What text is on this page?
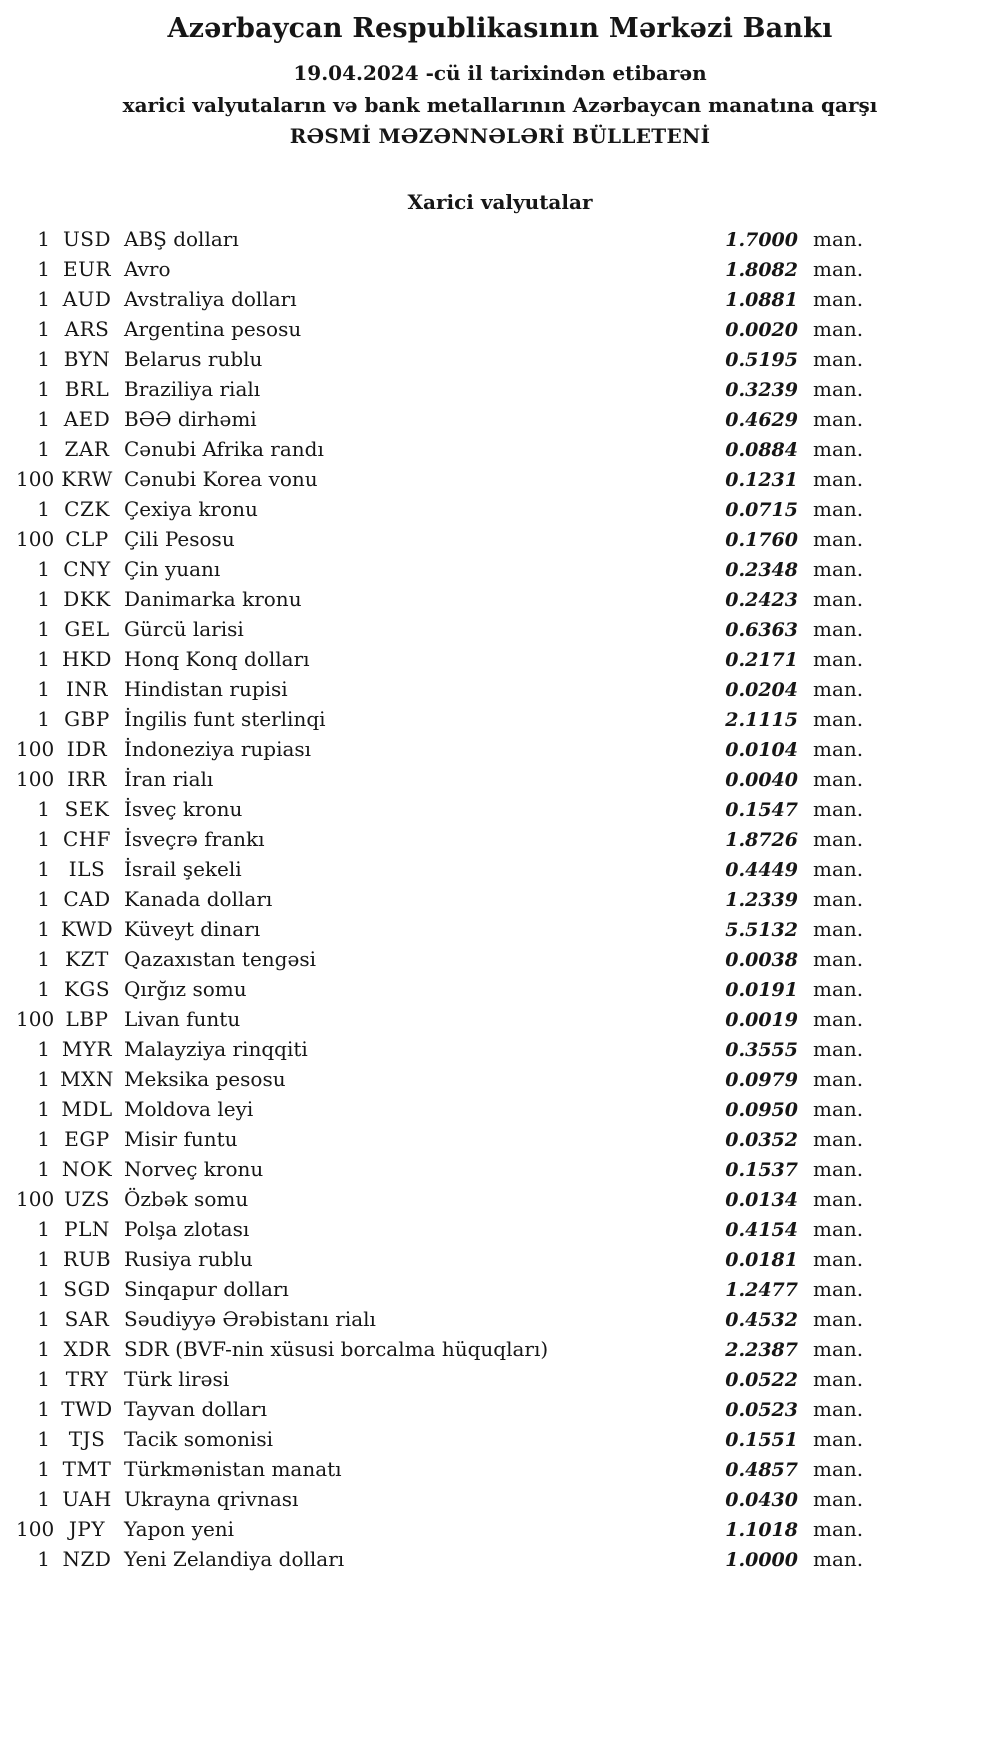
Azərbaycan Respublikasının Mərkəzi Bankı
19.04.2024 -cü il tarixindən etibarən
xarici valyutaların və bank metallarının Azərbaycan manatına qarşı
RƏSMİ MƏZƏNNƏLƏRİ BÜLLETENİ
Xarici valyutalar
1 USD ABŞ dolları	1.7000 man.
1 EUR Avro	1.8082 man.
1 AUD Avstraliya dolları	1.0881 man.
1 ARS Argentina pesosu	0.0020 man.
1 BYN Belarus rublu	0.5195 man.
1 BRL Braziliya rialı	0.3239 man.
1 AED BƏƏ dirhəmi	0.4629 man.
1 ZAR Cənubi Afrika randı	0.0884 man.
100 KRW Cənubi Korea vonu	0.1231 man.
1 CZK Çexiya kronu	0.0715 man.
100 CLP Çili Pesosu	0.1760 man.
1 CNY Çin yuanı	0.2348 man.
1 DKK Danimarka kronu	0.2423 man.
1 GEL Gürcü larisi	0.6363 man.
1 HKD Honq Konq dolları	0.2171 man.
1 INR Hindistan rupisi	0.0204 man.
1 GBP İngilis funt sterlinqi	2.1115 man.
100 IDR İndoneziya rupiası	0.0104 man.
100 IRR İran rialı	0.0040 man.
1 SEK İsveç kronu	0.1547 man.
1 CHF İsveçrə frankı	1.8726 man.
1 ILS İsrail şekeli	0.4449 man.
1 CAD Kanada dolları	1.2339 man.
1 KWD Küveyt dinarı	5.5132 man.
1 KZT Qazaxıstan tengəsi	0.0038 man.
1 KGS Qırğız somu	0.0191 man.
100 LBP Livan funtu	0.0019 man.
1 MYR Malayziya rinqqiti	0.3555 man.
1 MXN Meksika pesosu	0.0979 man.
1 MDL Moldova leyi	0.0950 man.
1 EGP Misir funtu	0.0352 man.
1 NOK Norveç kronu	0.1537 man.
100 UZS Özbək somu	0.0134 man.
1 PLN Polşa zlotası	0.4154 man.
1 RUB Rusiya rublu	0.0181 man.
1 SGD Sinqapur dolları	1.2477 man.
1 SAR Səudiyyə Ərəbistanı rialı	0.4532 man.
1 XDR SDR (BVF-nin xüsusi borcalma hüquqları)	2.2387 man.
1 TRY Türk lirəsi	0.0522 man.
1 TWD Tayvan dolları	0.0523 man.
1 TJS Tacik somonisi	0.1551 man.
1 TMT Türkmənistan manatı	0.4857 man.
1 UAH Ukrayna qrivnası	0.0430 man.
100 JPY Yapon yeni	1.1018 man.
1 NZD Yeni Zelandiya dolları	1.0000 man.
